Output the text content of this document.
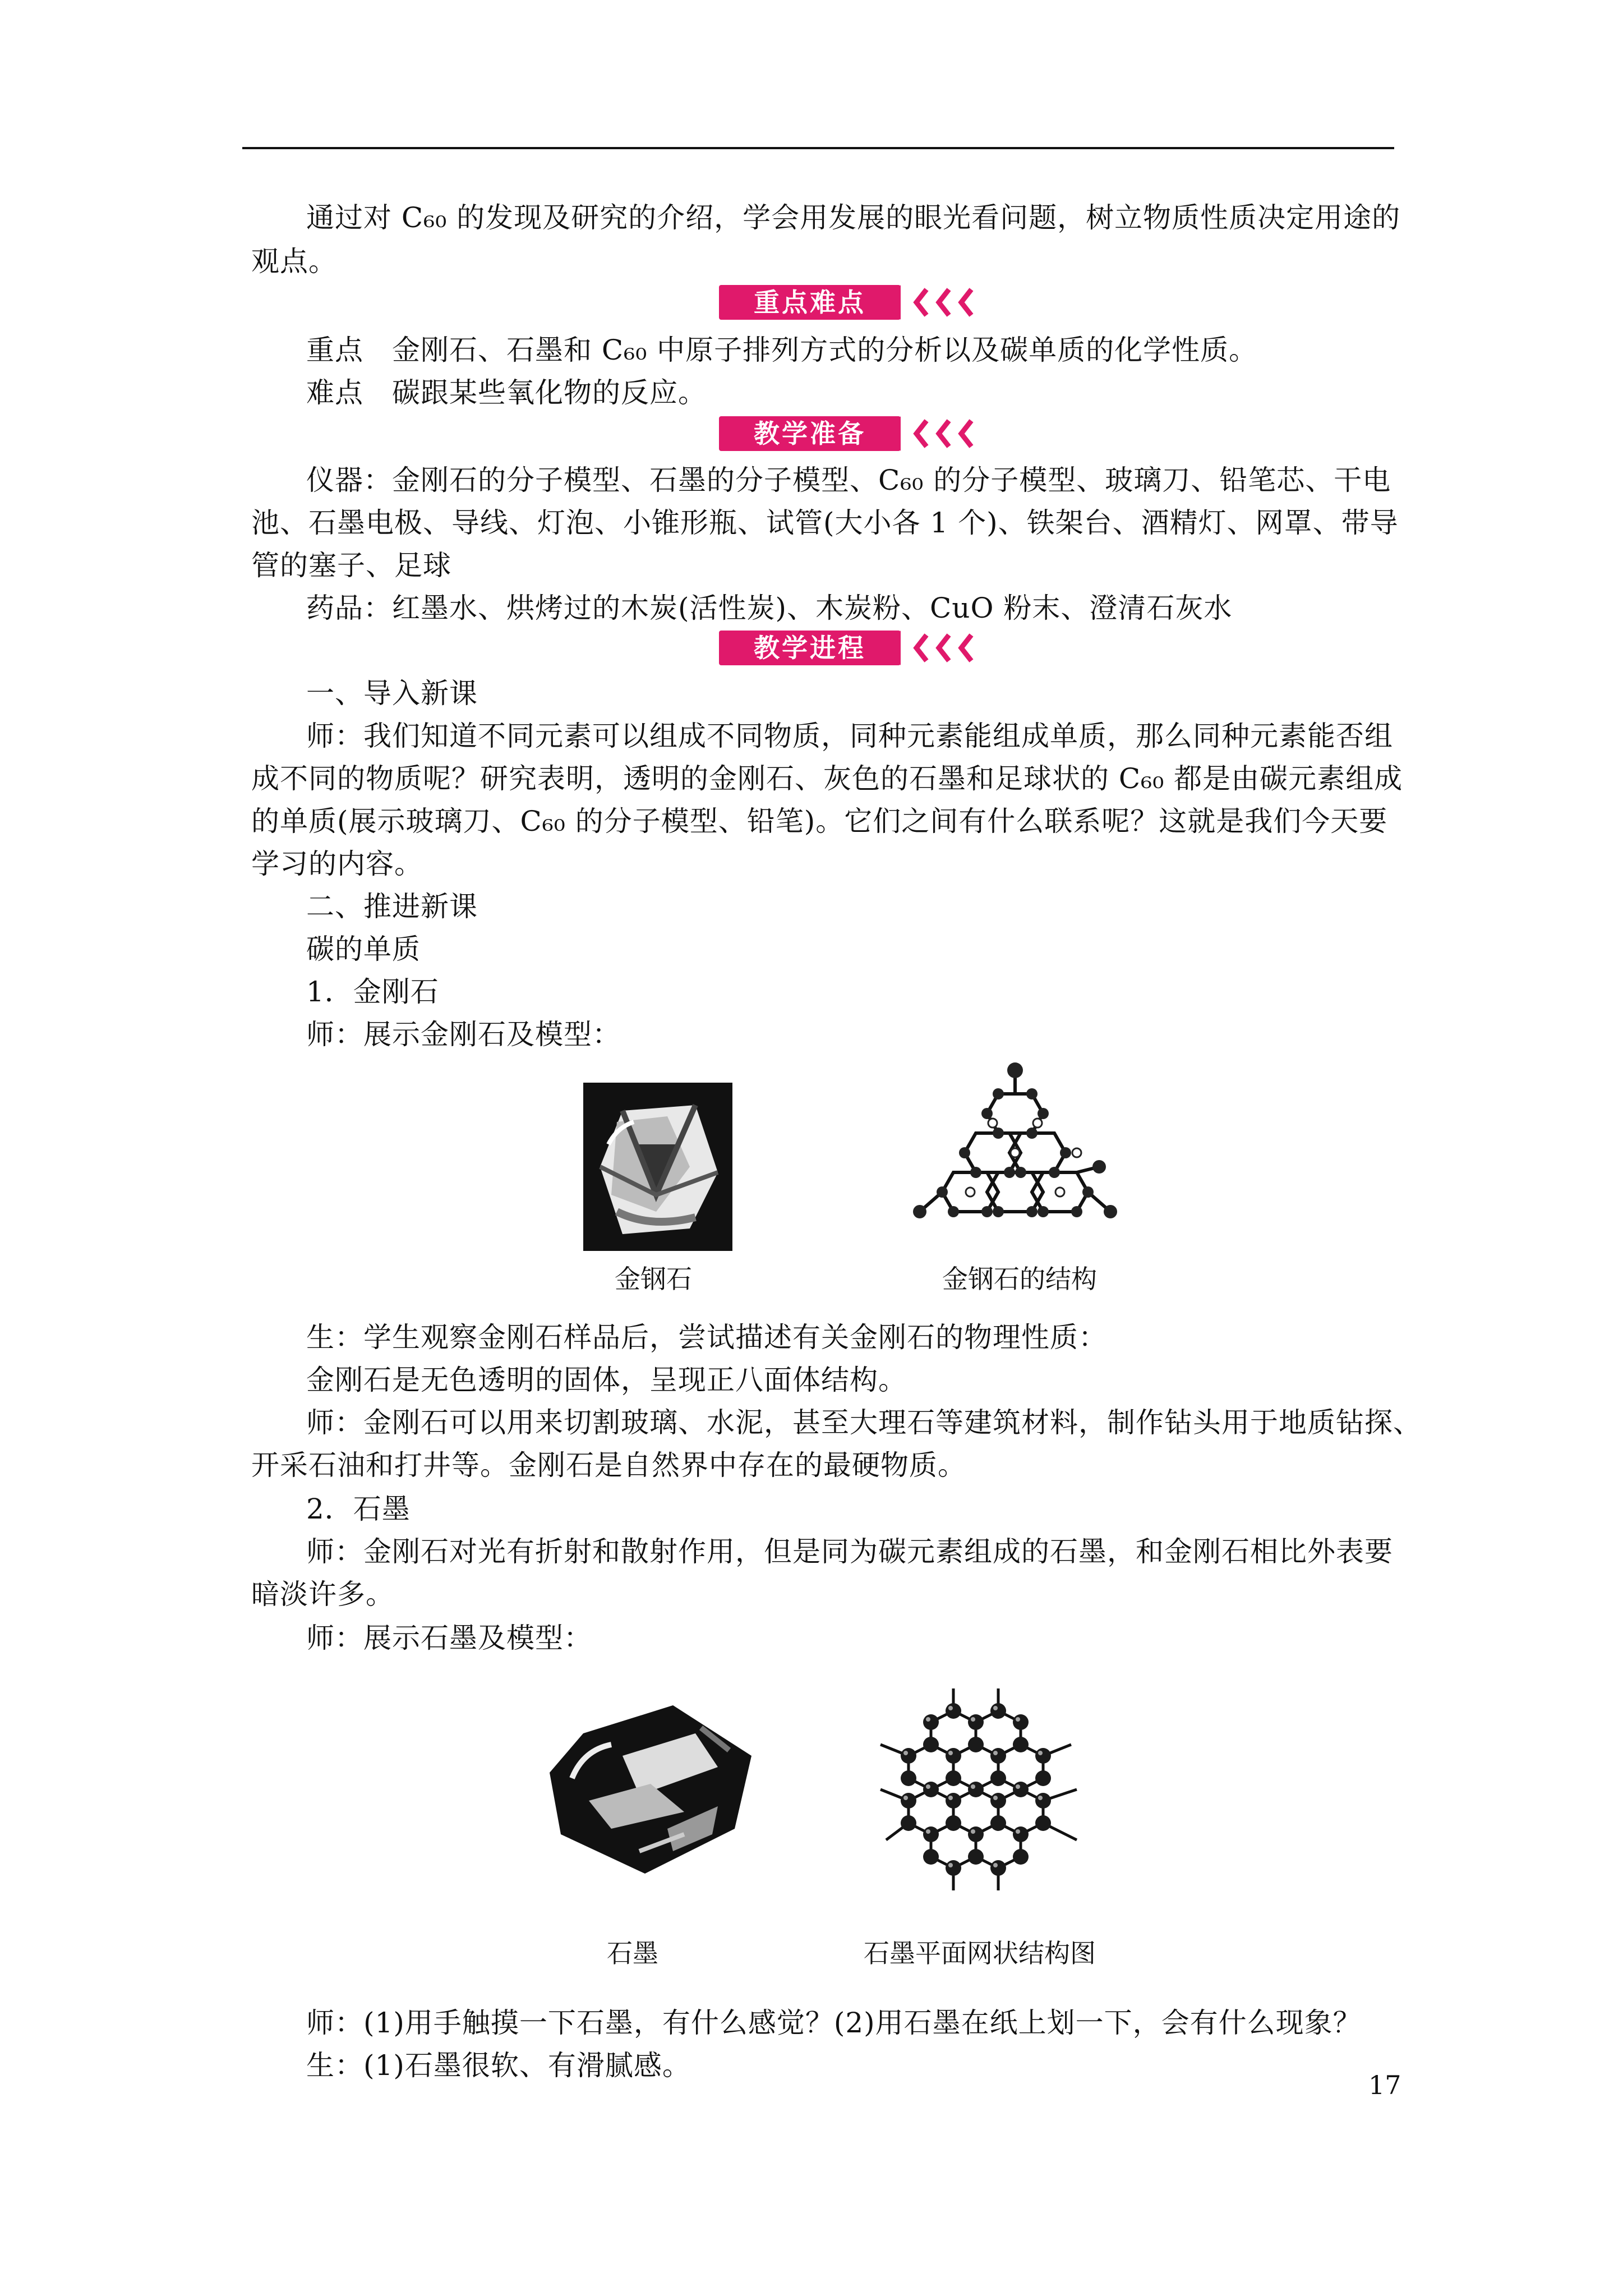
通过对 C₆₀ 的发现及研究的介绍，学会用发展的眼光看问题，树立物质性质决定用途的
观点。
重点难点
重点　金刚石、石墨和 C₆₀ 中原子排列方式的分析以及碳单质的化学性质。
难点　碳跟某些氧化物的反应。
教学准备
仪器：金刚石的分子模型、石墨的分子模型、C₆₀ 的分子模型、玻璃刀、铅笔芯、干电
池、石墨电极、导线、灯泡、小锥形瓶、试管(大小各 1 个)、铁架台、酒精灯、网罩、带导
管的塞子、足球
药品：红墨水、烘烤过的木炭(活性炭)、木炭粉、CuO 粉末、澄清石灰水
教学进程
一、导入新课
师：我们知道不同元素可以组成不同物质，同种元素能组成单质，那么同种元素能否组
成不同的物质呢？研究表明，透明的金刚石、灰色的石墨和足球状的 C₆₀ 都是由碳元素组成
的单质(展示玻璃刀、C₆₀ 的分子模型、铅笔)。它们之间有什么联系呢？这就是我们今天要
学习的内容。
二、推进新课
碳的单质
1．金刚石
师：展示金刚石及模型：
金钢石	金钢石的结构
生：学生观察金刚石样品后，尝试描述有关金刚石的物理性质：
金刚石是无色透明的固体，呈现正八面体结构。
师：金刚石可以用来切割玻璃、水泥，甚至大理石等建筑材料，制作钻头用于地质钻探、
开采石油和打井等。金刚石是自然界中存在的最硬物质。
2．石墨
师：金刚石对光有折射和散射作用，但是同为碳元素组成的石墨，和金刚石相比外表要
暗淡许多。
师：展示石墨及模型：
石墨	石墨平面网状结构图
师：(1)用手触摸一下石墨，有什么感觉？(2)用石墨在纸上划一下，会有什么现象？
生：(1)石墨很软、有滑腻感。
17
